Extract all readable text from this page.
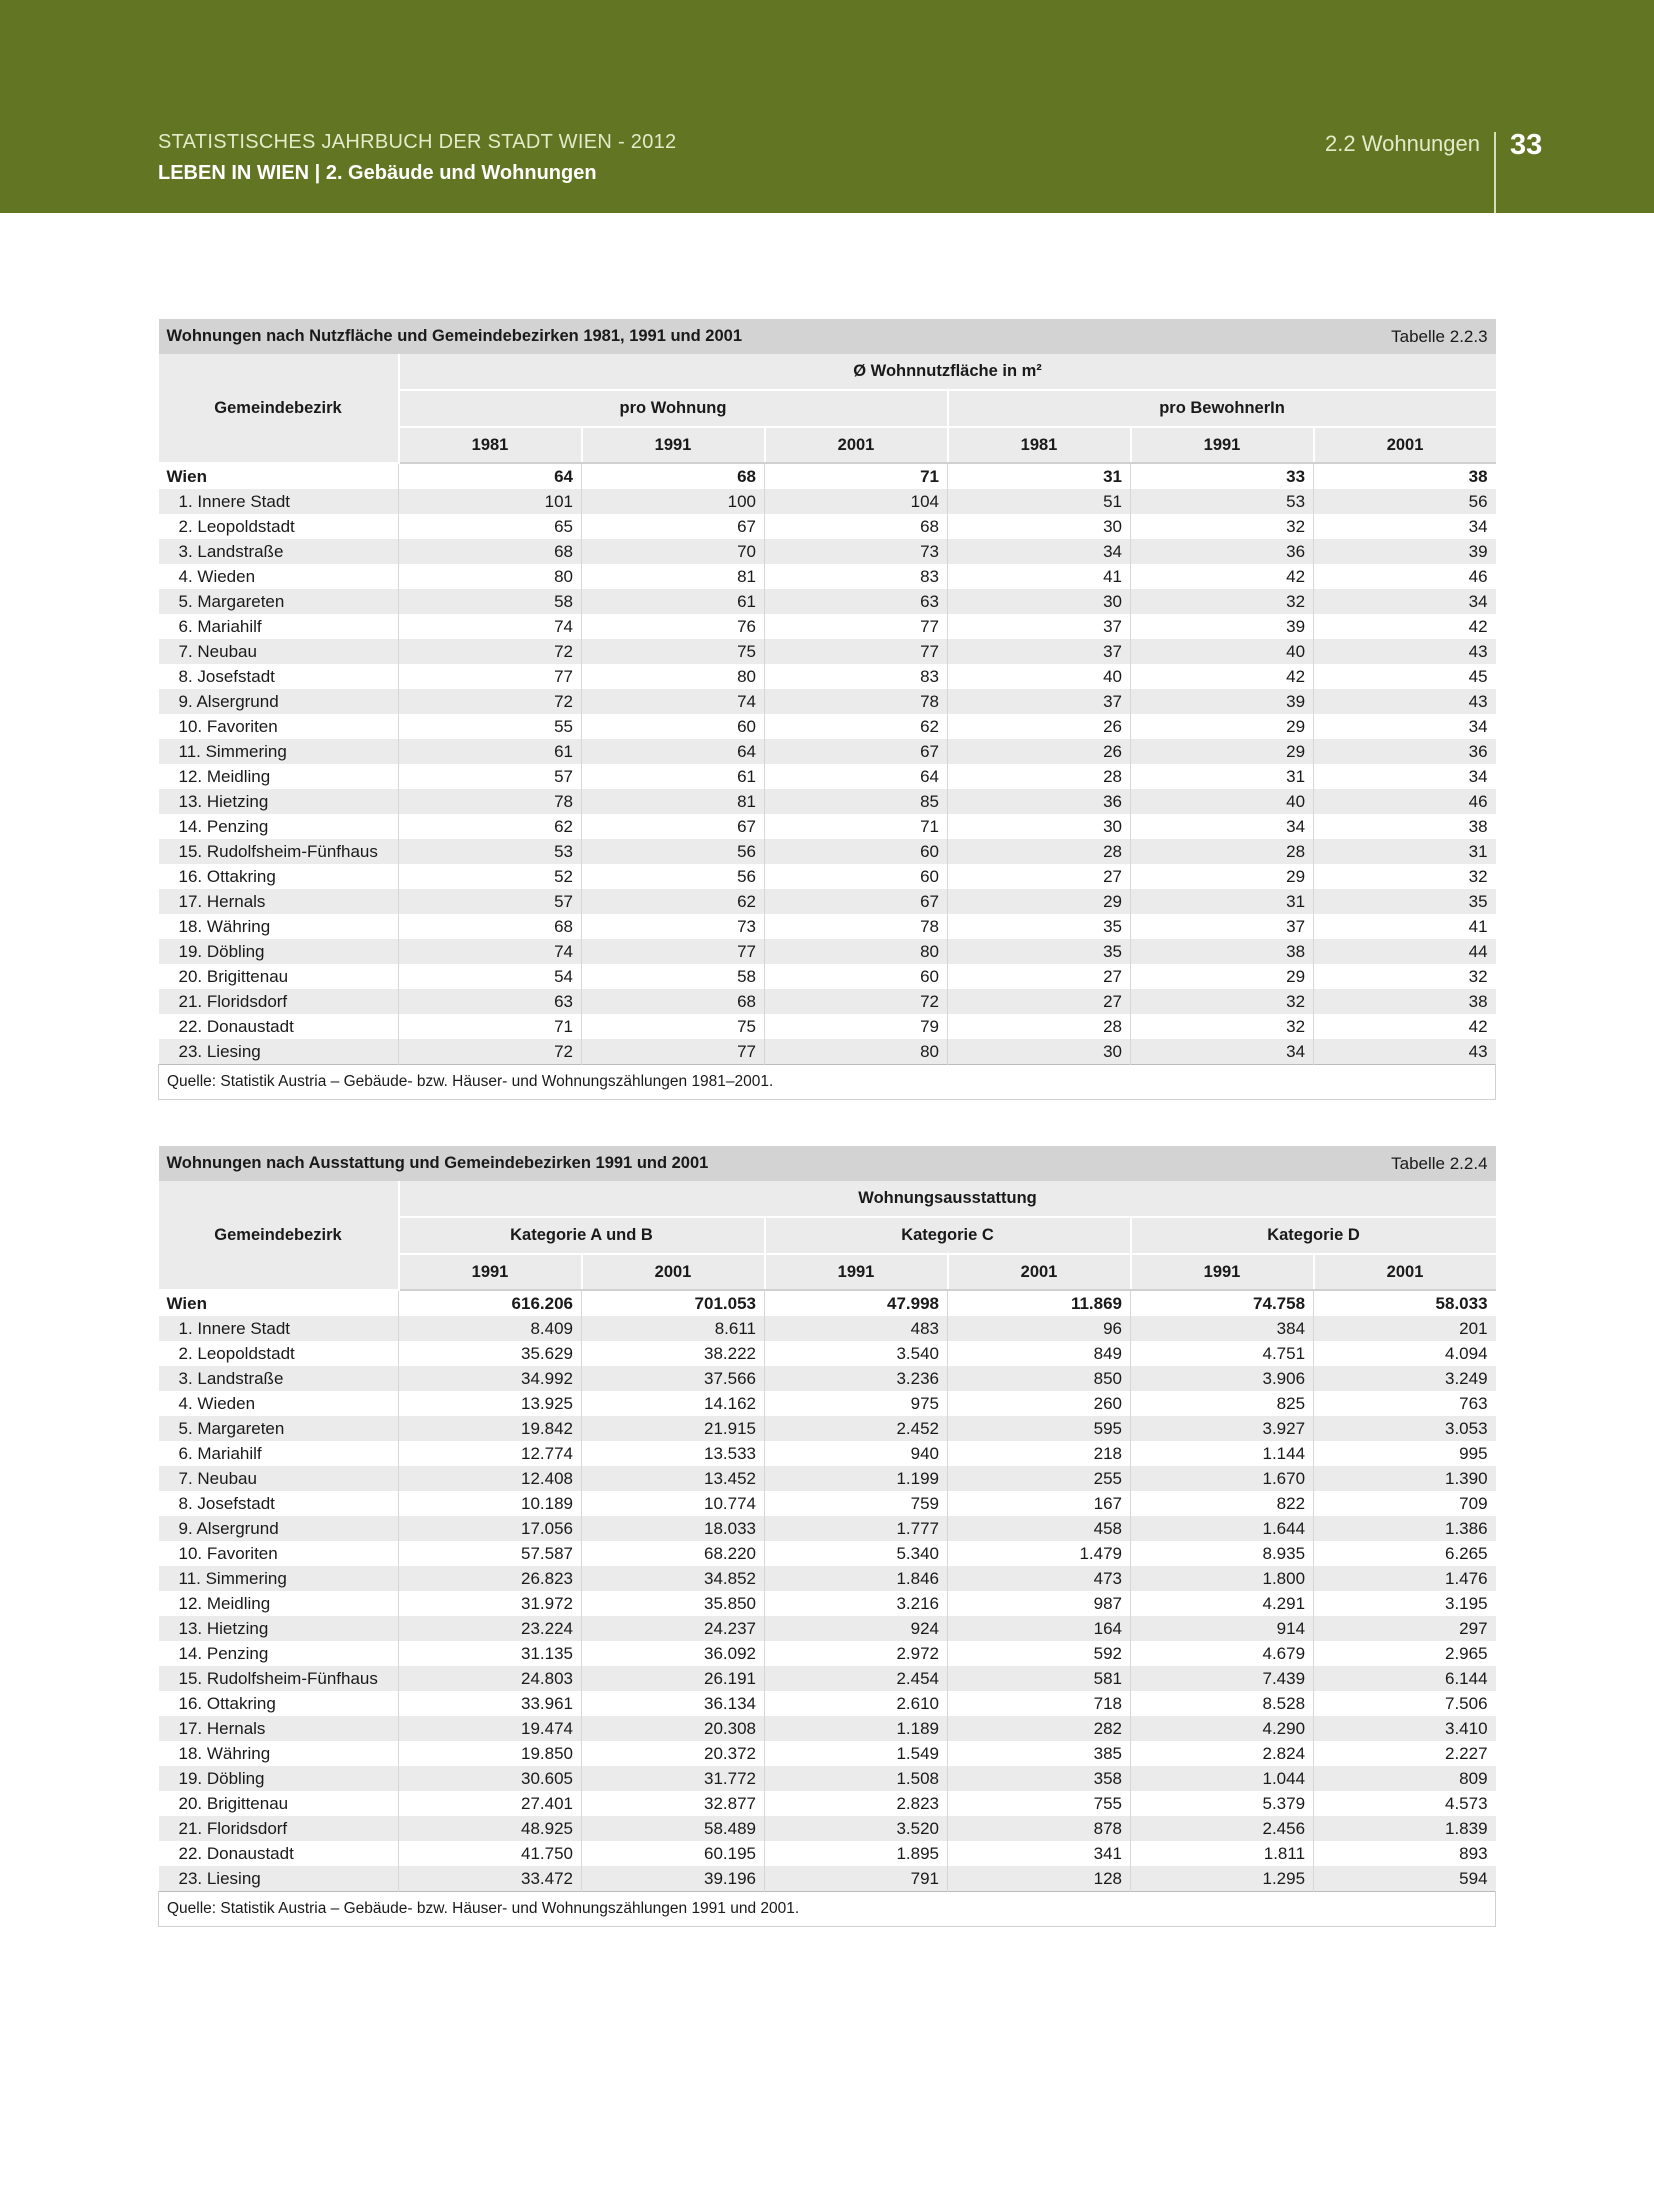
STATISTISCHES JAHRBUCH DER STADT WIEN - 2012
LEBEN IN WIEN | 2. Gebäude und Wohnungen
2.2 Wohnungen 33
Wohnungen nach Nutzfläche und Gemeindebezirken 1981, 1991 und 2001						Tabelle 2.2.3
Gemeindebezirk	Ø Wohnnutzfläche in m²					
	pro Wohnung			pro BewohnerIn		
	1981	1991	2001	1981	1991	2001
Wien	64	68	71	31	33	38
1. Innere Stadt	101	100	104	51	53	56
2. Leopoldstadt	65	67	68	30	32	34
3. Landstraße	68	70	73	34	36	39
4. Wieden	80	81	83	41	42	46
5. Margareten	58	61	63	30	32	34
6. Mariahilf	74	76	77	37	39	42
7. Neubau	72	75	77	37	40	43
8. Josefstadt	77	80	83	40	42	45
9. Alsergrund	72	74	78	37	39	43
10. Favoriten	55	60	62	26	29	34
11. Simmering	61	64	67	26	29	36
12. Meidling	57	61	64	28	31	34
13. Hietzing	78	81	85	36	40	46
14. Penzing	62	67	71	30	34	38
15. Rudolfsheim-Fünfhaus	53	56	60	28	28	31
16. Ottakring	52	56	60	27	29	32
17. Hernals	57	62	67	29	31	35
18. Währing	68	73	78	35	37	41
19. Döbling	74	77	80	35	38	44
20. Brigittenau	54	58	60	27	29	32
21. Floridsdorf	63	68	72	27	32	38
22. Donaustadt	71	75	79	28	32	42
23. Liesing	72	77	80	30	34	43
Quelle: Statistik Austria – Gebäude- bzw. Häuser- und Wohnungszählungen 1981–2001.						
Wohnungen nach Ausstattung und Gemeindebezirken 1991 und 2001						Tabelle 2.2.4
Gemeindebezirk	Wohnungsausstattung					
	Kategorie A und B		Kategorie C		Kategorie D	
	1991	2001	1991	2001	1991	2001
Wien	616.206	701.053	47.998	11.869	74.758	58.033
1. Innere Stadt	8.409	8.611	483	96	384	201
2. Leopoldstadt	35.629	38.222	3.540	849	4.751	4.094
3. Landstraße	34.992	37.566	3.236	850	3.906	3.249
4. Wieden	13.925	14.162	975	260	825	763
5. Margareten	19.842	21.915	2.452	595	3.927	3.053
6. Mariahilf	12.774	13.533	940	218	1.144	995
7. Neubau	12.408	13.452	1.199	255	1.670	1.390
8. Josefstadt	10.189	10.774	759	167	822	709
9. Alsergrund	17.056	18.033	1.777	458	1.644	1.386
10. Favoriten	57.587	68.220	5.340	1.479	8.935	6.265
11. Simmering	26.823	34.852	1.846	473	1.800	1.476
12. Meidling	31.972	35.850	3.216	987	4.291	3.195
13. Hietzing	23.224	24.237	924	164	914	297
14. Penzing	31.135	36.092	2.972	592	4.679	2.965
15. Rudolfsheim-Fünfhaus	24.803	26.191	2.454	581	7.439	6.144
16. Ottakring	33.961	36.134	2.610	718	8.528	7.506
17. Hernals	19.474	20.308	1.189	282	4.290	3.410
18. Währing	19.850	20.372	1.549	385	2.824	2.227
19. Döbling	30.605	31.772	1.508	358	1.044	809
20. Brigittenau	27.401	32.877	2.823	755	5.379	4.573
21. Floridsdorf	48.925	58.489	3.520	878	2.456	1.839
22. Donaustadt	41.750	60.195	1.895	341	1.811	893
23. Liesing	33.472	39.196	791	128	1.295	594
Quelle: Statistik Austria – Gebäude- bzw. Häuser- und Wohnungszählungen 1991 und 2001.						
